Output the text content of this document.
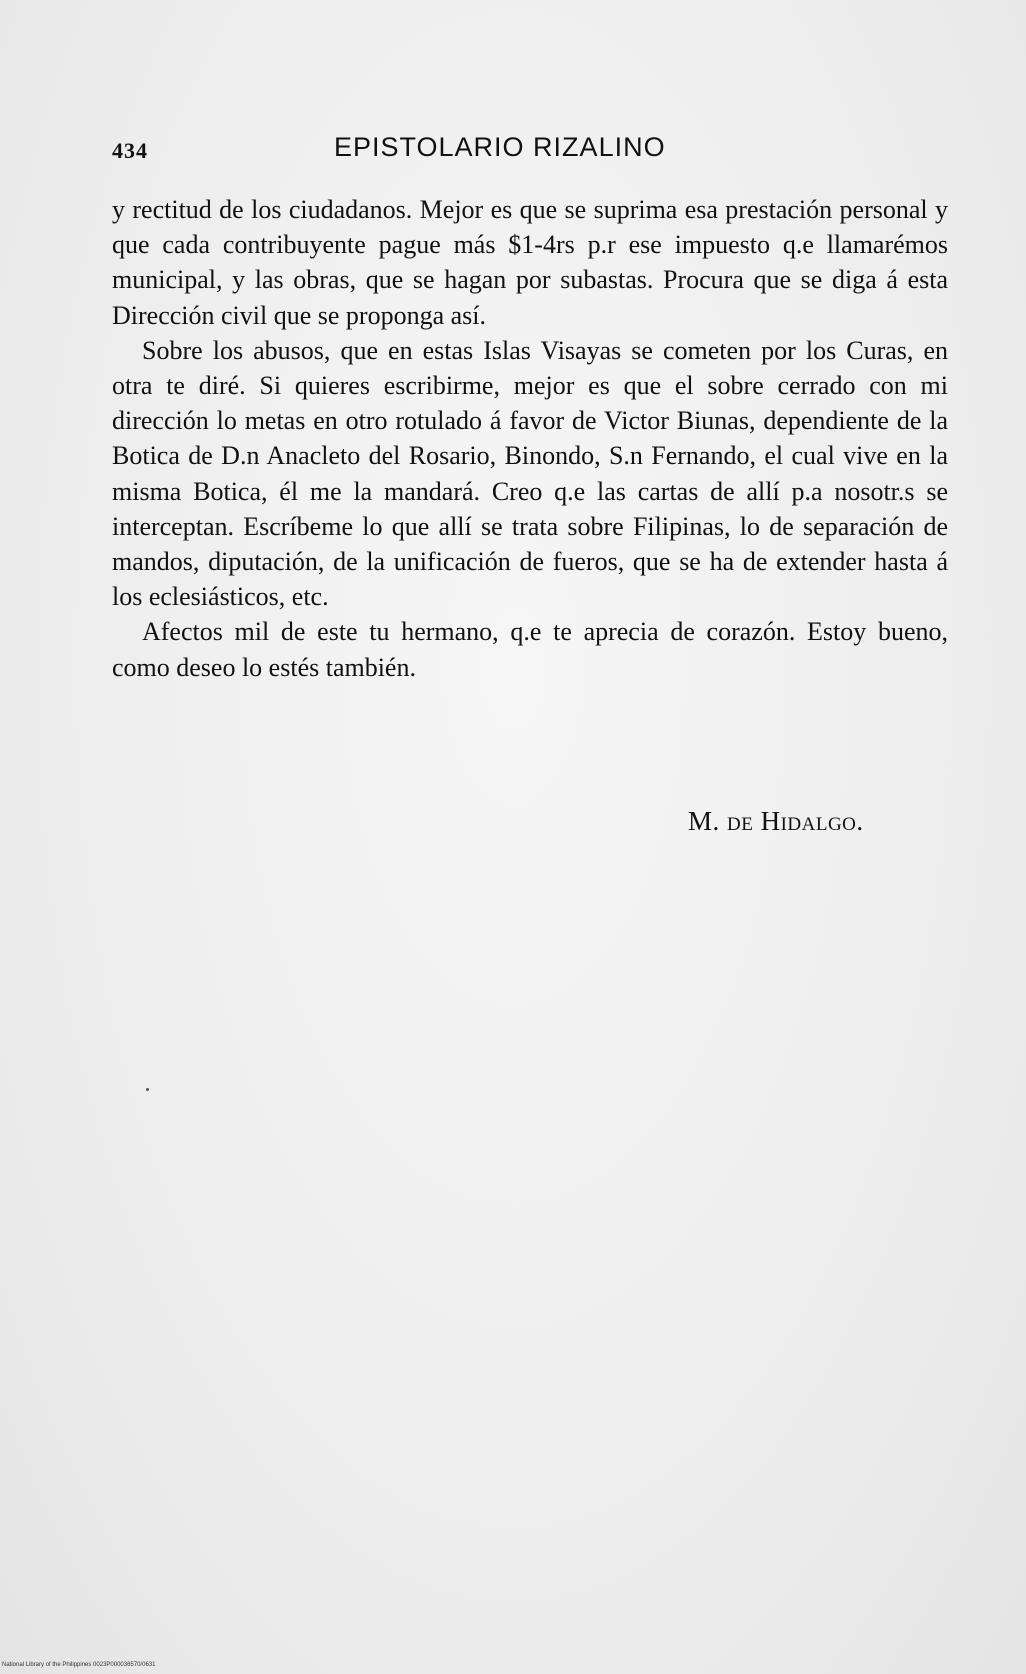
434	EPISTOLARIO RIZALINO

y rectitud de los ciudadanos. Mejor es que se suprima esa prestación personal y que cada contribuyente pague más $1-4rs p.r ese impuesto q.e llamarémos municipal, y las obras, que se hagan por subastas. Procura que se diga á esta Dirección civil que se proponga así.

Sobre los abusos, que en estas Islas Visayas se cometen por los Curas, en otra te diré. Si quieres escribirme, mejor es que el sobre cerrado con mi dirección lo metas en otro rotulado á favor de Victor Biunas, dependiente de la Botica de D.n Anacleto del Rosario, Binondo, S.n Fernando, el cual vive en la misma Botica, él me la mandará. Creo q.e las cartas de allí p.a nosotr.s se interceptan. Escríbeme lo que allí se trata sobre Filipinas, lo de separación de mandos, diputación, de la unificación de fueros, que se ha de extender hasta á los eclesiásticos, etc.

Afectos mil de este tu hermano, q.e te aprecia de corazón. Estoy bueno, como deseo lo estés también.

M. de Hidalgo.
National Library of the Philippines 0023P000036570/0631
